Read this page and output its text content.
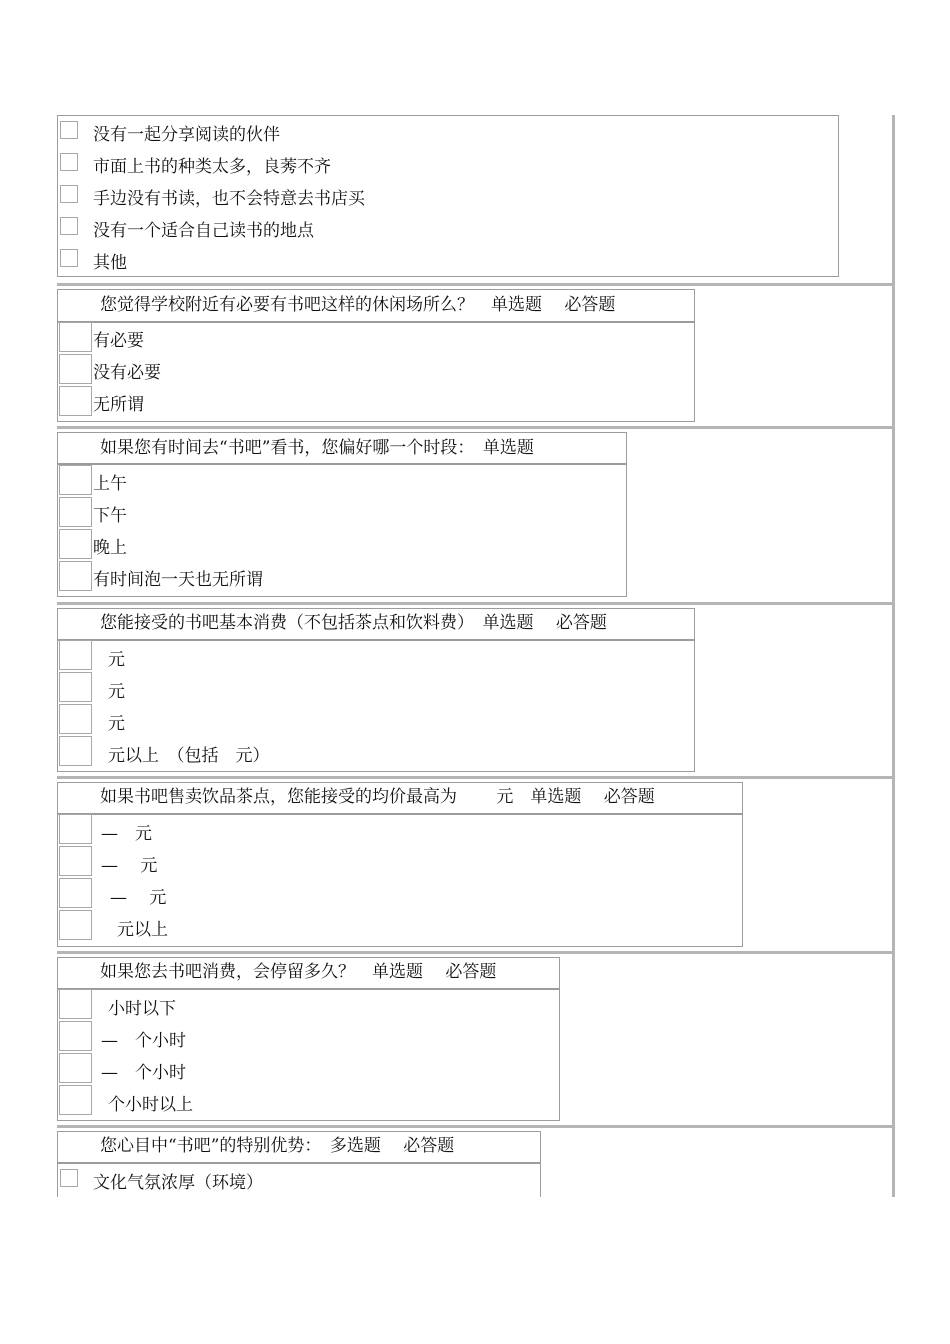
没有一起分享阅读的伙伴
市面上书的种类太多，良莠不齐
手边没有书读，也不会特意去书店买
没有一个适合自己读书的地点
其他
您觉得学校附近有必要有书吧这样的休闲场所么？　单选题　 必答题
有必要
没有必要
无所谓
如果您有时间去“书吧”看书，您偏好哪一个时段：　单选题
上午
下午
晚上
有时间泡一天也无所谓
您能接受的书吧基本消费（不包括茶点和饮料费）　单选题　 必答题
元
元
元
元以上　（包括　元）
如果书吧售卖饮品茶点，您能接受的均价最高为　　 元　单选题　 必答题
—　元
—　 元
—　 元
元以上
如果您去书吧消费，会停留多久？　单选题　 必答题
小时以下
—　个小时
—　个小时
个小时以上
您心目中“书吧”的特别优势：　多选题　 必答题
文化气氛浓厚（环境）
